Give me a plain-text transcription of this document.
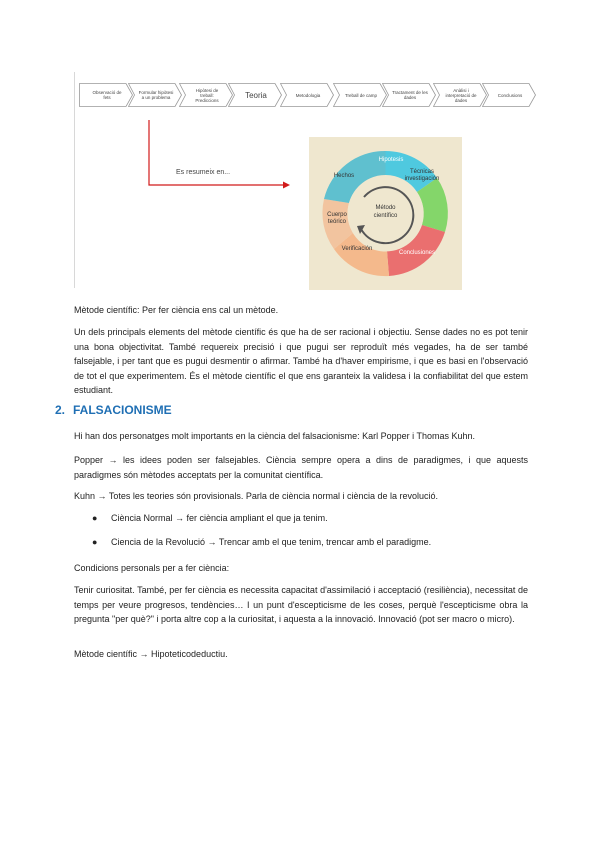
Observació de fets
Formular hipòtesi a un problema
Hipòtesi de treball: Prediccions
Teoria	Metodologia	Treball de camp	Tractament de les dades
Anàlisi i interpretació de dades
Conclusions
Es resumeix en...
Método
científico
Hipotesis
Técnicas
investigación
Conclusiones
Verificación
Cuerpo
teórico
Hechos

Mètode científic: Per fer ciència ens cal un mètode.

Un dels principals elements del mètode científic és que ha de ser racional i objectiu. Sense dades no es pot tenir una bona objectivitat. També requereix precisió i que pugui ser reproduït més vegades, ha de ser també falsejable, i per tant que es pugui desmentir o afirmar. També ha d'haver empirisme, i que es basi en l'observació de tot el que experimentem. És el mètode científic el que ens garanteix la validesa i la confiabilitat del que estem estudiant.

2. FALSACIONISME

Hi han dos personatges molt importants en la ciència del falsacionisme: Karl Popper i Thomas Kuhn.

Popper → les idees poden ser falsejables. Ciència sempre opera a dins de paradigmes, i que aquests paradigmes són mètodes acceptats per la comunitat científica.

Kuhn → Totes les teories són provisionals. Parla de ciència normal i ciència de la revolució.

● Ciència Normal → fer ciència ampliant el que ja tenim.
● Ciencia de la Revolució → Trencar amb el que tenim, trencar amb el paradigme.

Condicions personals per a fer ciència:

Tenir curiositat. També, per fer ciència es necessita capacitat d'assimilació i acceptació (resiliència), necessitat de temps per veure progresos, tendències… I un punt d'escepticisme de les coses, perquè l'escepticisme obra la pregunta "per què?" i porta altre cop a la curiositat, i aquesta a la innovació. Innovació (pot ser macro o micro).

Mètode científic → Hipoteticodeductiu.
